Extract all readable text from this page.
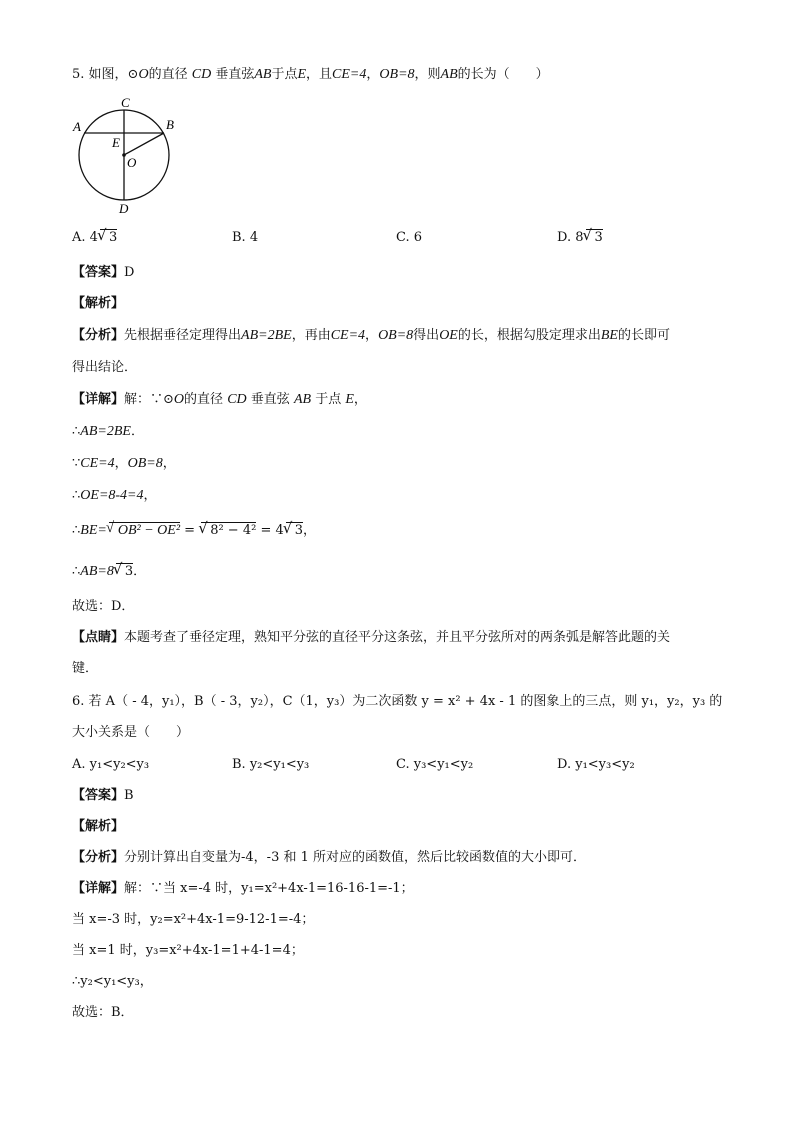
5. 如图，⊙O的直径 CD 垂直弦AB于点E，且CE=4，OB=8，则AB的长为（　　）
C
A
E
B
O
D
A. 4 √ 3	B. 4	C. 6	D. 8 √ 3
【答案】D
【解析】
【分析】先根据垂径定理得出AB=2BE，再由CE=4，OB=8得出OE的长，根据勾股定理求出BE的长即可
得出结论．
【详解】解：∵⊙O的直径 CD 垂直弦 AB 于点 E，
∴AB=2BE．
∵CE=4，OB=8，
∴OE=8-4=4，
∴BE= √ OB² − OE² = √ 8² − 4² = 4 √ 3，
∴AB=8 √ 3．
故选：D．
【点睛】本题考查了垂径定理，熟知平分弦的直径平分这条弦，并且平分弦所对的两条弧是解答此题的关
键．
6. 若 A（ - 4，y₁），B（ - 3，y₂），C（1，y₃）为二次函数 y = x² + 4x - 1 的图象上的三点，则 y₁，y₂，y₃ 的
大小关系是（　　）
A. y₁<y₂<y₃	B. y₂<y₁<y₃	C. y₃<y₁<y₂	D. y₁<y₃<y₂
【答案】B
【解析】
【分析】分别计算出自变量为-4，-3 和 1 所对应的函数值，然后比较函数值的大小即可．
【详解】解：∵当 x=-4 时，y₁=x²+4x-1=16-16-1=-1；
当 x=-3 时，y₂=x²+4x-1=9-12-1=-4；
当 x=1 时，y₃=x²+4x-1=1+4-1=4；
∴y₂<y₁<y₃，
故选：B．
